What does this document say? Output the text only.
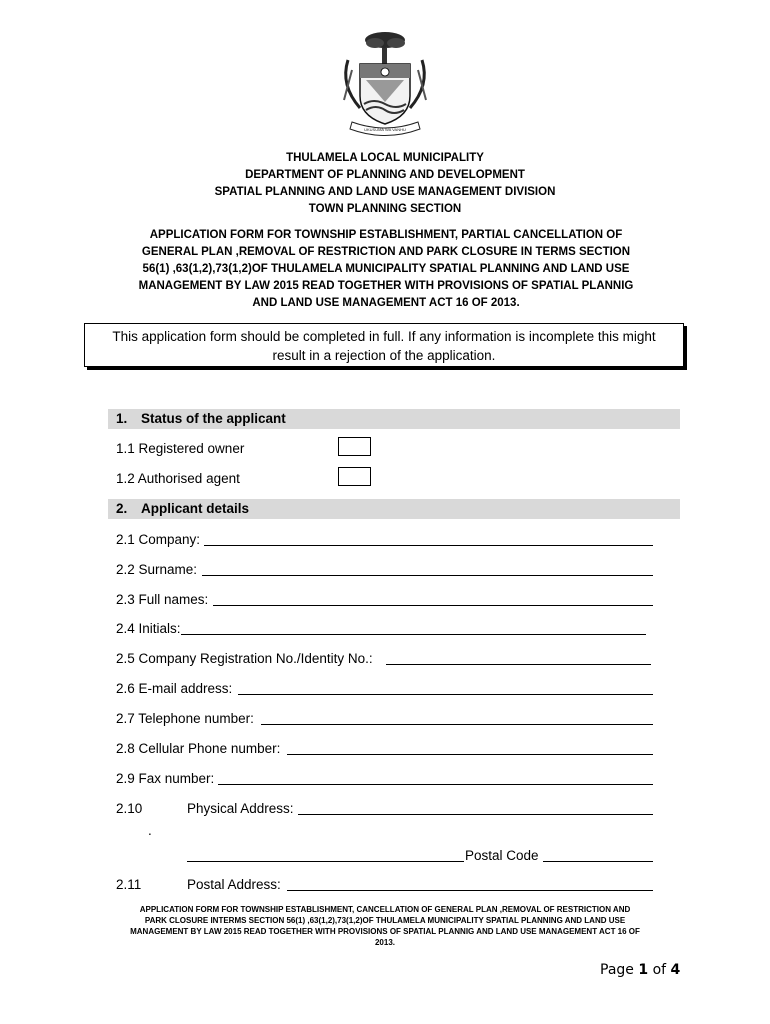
UKUSUMA WA VANHU
THULAMELA LOCAL MUNICIPALITY
DEPARTMENT OF PLANNING AND DEVELOPMENT
SPATIAL PLANNING AND LAND USE MANAGEMENT DIVISION
TOWN PLANNING SECTION
APPLICATION FORM FOR TOWNSHIP ESTABLISHMENT, PARTIAL CANCELLATION OF
GENERAL PLAN ,REMOVAL OF RESTRICTION AND PARK CLOSURE IN TERMS SECTION
56(1) ,63(1,2),73(1,2)OF THULAMELA MUNICIPALITY SPATIAL PLANNING AND LAND USE
MANAGEMENT BY LAW 2015 READ TOGETHER WITH PROVISIONS OF SPATIAL PLANNIG
AND LAND USE MANAGEMENT ACT 16 OF 2013.
This application form should be completed in full. If any information is incomplete this might
result in a rejection of the application.
1. Status of the applicant
1.1 Registered owner
1.2 Authorised agent
2. Applicant details
2.1 Company:
2.2 Surname:
2.3 Full names:
2.4 Initials:
2.5 Company Registration No./Identity No.:
2.6 E-mail address:
2.7 Telephone number:
2.8 Cellular Phone number:
2.9 Fax number:
2.10	Physical Address:
.
Postal Code
2.11	Postal Address:
APPLICATION FORM FOR TOWNSHIP ESTABLISHMENT, CANCELLATION OF GENERAL PLAN ,REMOVAL OF RESTRICTION AND
PARK CLOSURE INTERMS SECTION 56(1) ,63(1,2),73(1,2)OF THULAMELA MUNICIPALITY SPATIAL PLANNING AND LAND USE
MANAGEMENT BY LAW 2015 READ TOGETHER WITH PROVISIONS OF SPATIAL PLANNIG AND LAND USE MANAGEMENT ACT 16 OF
2013.
Page 1 of 4
